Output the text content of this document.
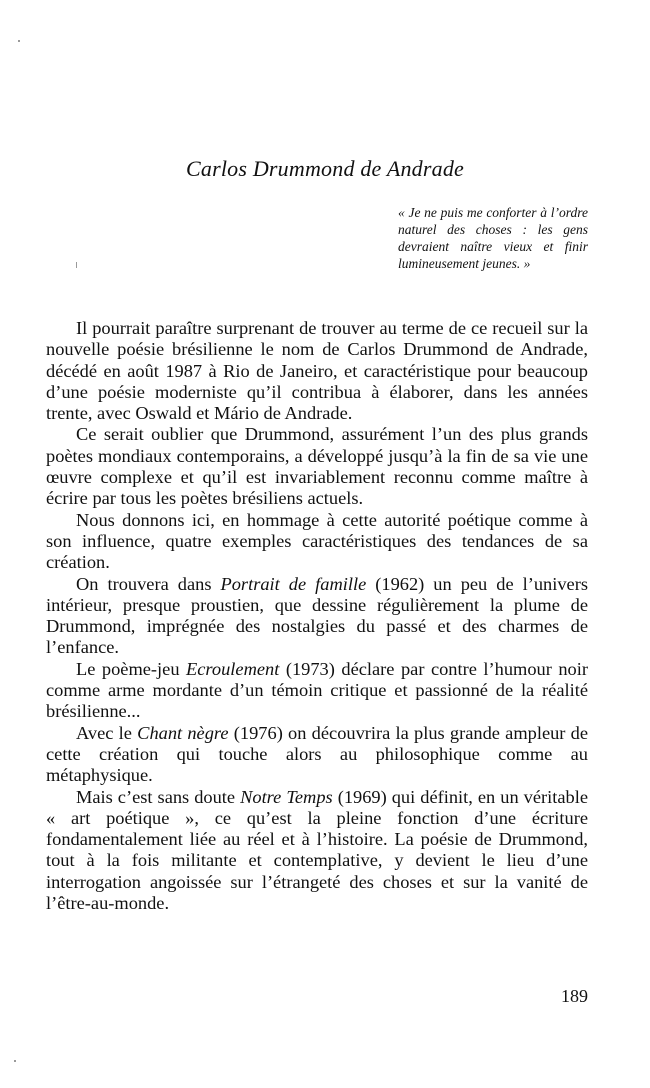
Carlos Drummond de Andrade

« Je ne puis me conforter à l’ordre naturel des choses : les gens devraient naître vieux et finir lumineusement jeunes. »

Il pourrait paraître surprenant de trouver au terme de ce recueil sur la nouvelle poésie brésilienne le nom de Carlos Drummond de Andrade, décédé en août 1987 à Rio de Janeiro, et caractéristique pour beaucoup d’une poésie moderniste qu’il contribua à élaborer, dans les années trente, avec Oswald et Mário de Andrade.

Ce serait oublier que Drummond, assurément l’un des plus grands poètes mondiaux contemporains, a développé jusqu’à la fin de sa vie une œuvre complexe et qu’il est invariablement reconnu comme maître à écrire par tous les poètes brésiliens actuels.

Nous donnons ici, en hommage à cette autorité poétique comme à son influence, quatre exemples caractéristiques des tendances de sa création.

On trouvera dans Portrait de famille (1962) un peu de l’univers intérieur, presque proustien, que dessine régulièrement la plume de Drummond, imprégnée des nostalgies du passé et des charmes de l’enfance.

Le poème-jeu Ecroulement (1973) déclare par contre l’humour noir comme arme mordante d’un témoin critique et passionné de la réalité brésilienne...

Avec le Chant nègre (1976) on découvrira la plus grande ampleur de cette création qui touche alors au philosophique comme au métaphysique.

Mais c’est sans doute Notre Temps (1969) qui définit, en un véritable « art poétique », ce qu’est la pleine fonction d’une écriture fondamentalement liée au réel et à l’histoire. La poésie de Drummond, tout à la fois militante et contemplative, y devient le lieu d’une interrogation angoissée sur l’étrangeté des choses et sur la vanité de l’être-au-monde.

189
